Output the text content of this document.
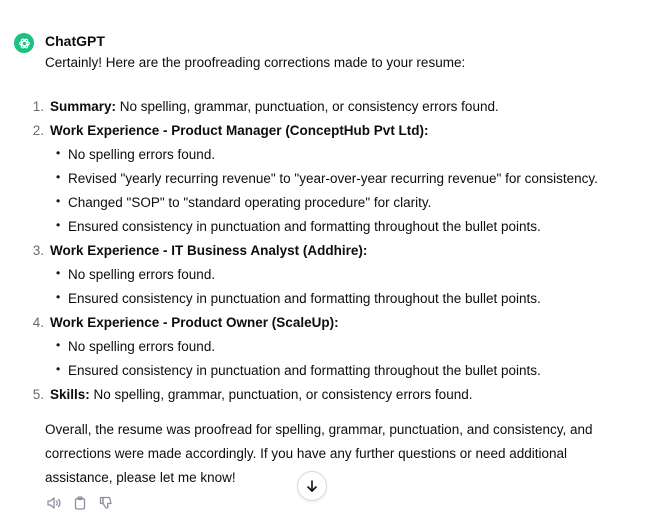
ChatGPT
Certainly! Here are the proofreading corrections made to your resume:
1. Summary: No spelling, grammar, punctuation, or consistency errors found.
2. Work Experience - Product Manager (ConceptHub Pvt Ltd):
• No spelling errors found.
• Revised "yearly recurring revenue" to "year-over-year recurring revenue" for consistency.
• Changed "SOP" to "standard operating procedure" for clarity.
• Ensured consistency in punctuation and formatting throughout the bullet points.
3. Work Experience - IT Business Analyst (Addhire):
• No spelling errors found.
• Ensured consistency in punctuation and formatting throughout the bullet points.
4. Work Experience - Product Owner (ScaleUp):
• No spelling errors found.
• Ensured consistency in punctuation and formatting throughout the bullet points.
5. Skills: No spelling, grammar, punctuation, or consistency errors found.
Overall, the resume was proofread for spelling, grammar, punctuation, and consistency, and corrections were made accordingly. If you have any further questions or need additional assistance, please let me know!
